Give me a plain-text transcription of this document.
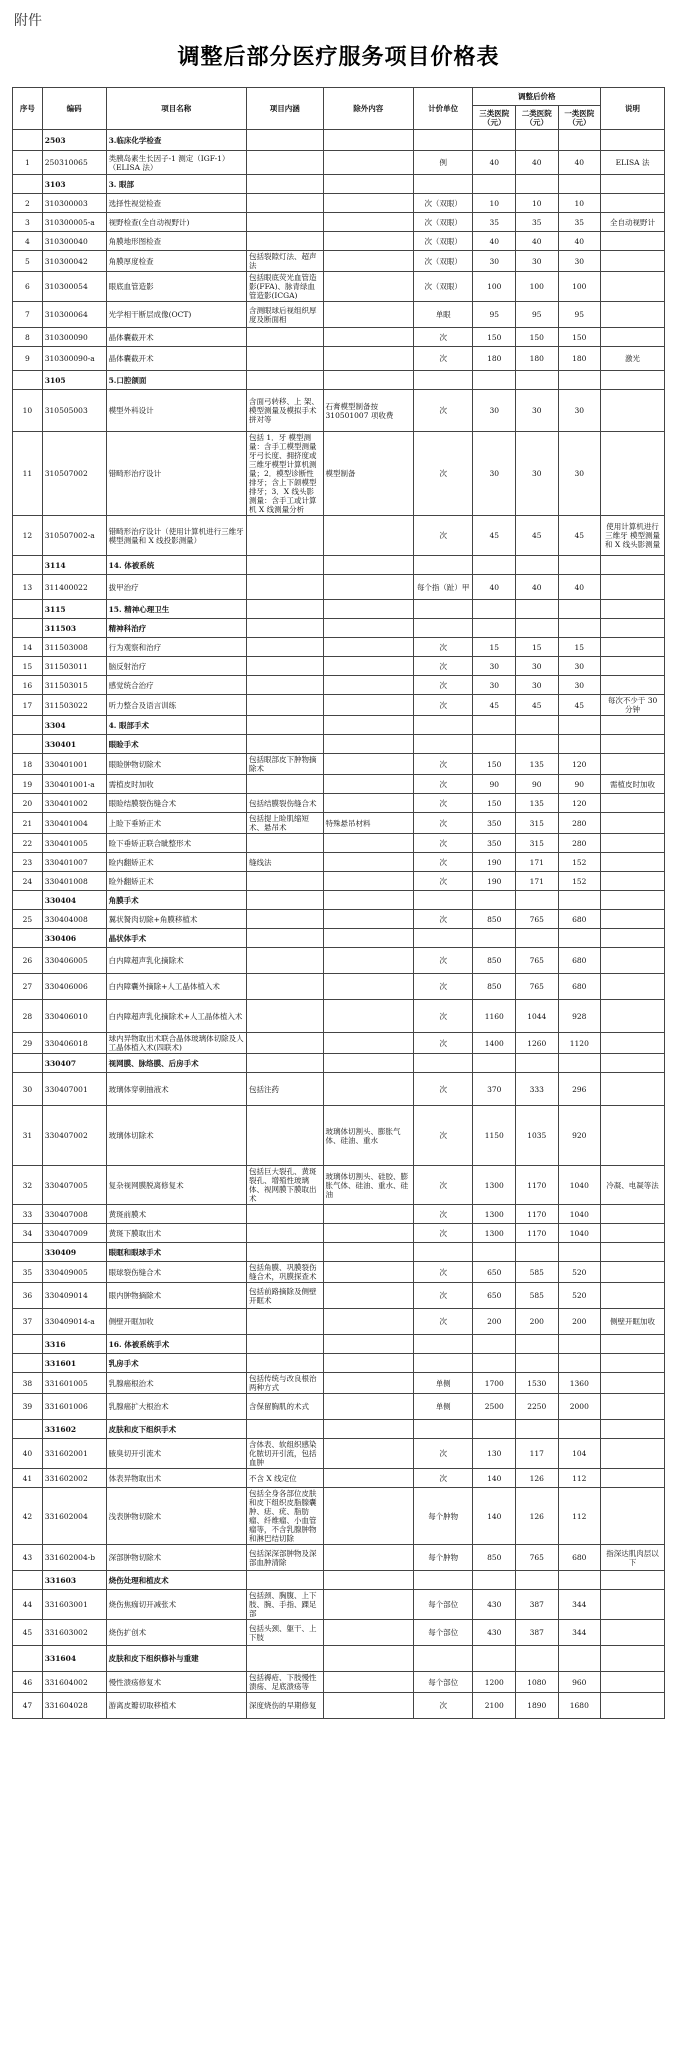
附件
调整后部分医疗服务项目价格表
序号	编码	项目名称	项目内涵	除外内容	计价单位	调整后价格			说明
						三类医院（元）	二类医院（元）	一类医院（元）	
	2503	3.临床化学检查							
1	250310065	类胰岛素生长因子-1 测定（IGF-1）（ELISA 法）			例	40	40	40	ELISA 法
	3103	3. 眼部							
2	310300003	选择性视觉检查			次（双眼）	10	10	10	
3	310300005-a	视野检查(全自动视野计)			次（双眼）	35	35	35	全自动视野计
4	310300040	角膜地形图检查			次（双眼）	40	40	40	
5	310300042	角膜厚度检查	包括裂隙灯法、超声法		次（双眼）	30	30	30	
6	310300054	眼底血管造影	包括眼底荧光血管造影(FFA)、脉青绿血管造影(ICGA)		次（双眼）	100	100	100	
7	310300064	光学相干断层成像(OCT)	含测眼球后视组织厚度及断面相		单眼	95	95	95	
8	310300090	晶体囊截开术			次	150	150	150	
9	310300090-a	晶体囊截开术			次	180	180	180	激光
	3105	5.口腔颌面							
10	310505003	模型外科设计	含面弓转移、上 架、模型测量及模拟手术拼对等	石膏模型制备按 310501007 项收费	次	30	30	30	
11	310507002	错畸形治疗设计	包括 1．牙 模型测量：含手工模型测量牙弓长度、拥挤度或三维牙模型计算机测量；2．模型诊断性排牙；含上下颌模型排牙；3．X 线头影测量：含手工或计算机 X 线测量分析	模型制备	次	30	30	30	
12	310507002-a	错畸形治疗设计（使用计算机进行三维牙模型测量和 X 线投影测量）			次	45	45	45	使用计算机进行三维牙 模型测量和 X 线头影测量
	3114	14. 体被系统							
13	311400022	拔甲治疗			每个指（趾）甲	40	40	40	
	3115	15. 精神心理卫生							
	311503	精神科治疗							
14	311503008	行为观察和治疗			次	15	15	15	
15	311503011	脑反射治疗			次	30	30	30	
16	311503015	感觉统合治疗			次	30	30	30	
17	311503022	听力整合及语言训练			次	45	45	45	每次不少于 30 分钟
	3304	4. 眼部手术							
	330401	眼睑手术							
18	330401001	眼睑肿物切除术	包括眼部皮下肿物摘除术		次	150	135	120	
19	330401001-a	需植皮时加收			次	90	90	90	需植皮时加收
20	330401002	眼睑结膜裂伤缝合术	包括结膜裂伤缝合术		次	150	135	120	
21	330401004	上睑下垂矫正术	包括提上睑肌缩短术、悬吊术	特殊悬吊材料	次	350	315	280	
22	330401005	睑下垂矫正联合眦整形术			次	350	315	280	
23	330401007	睑内翻矫正术	缝线法		次	190	171	152	
24	330401008	睑外翻矫正术			次	190	171	152	
	330404	角膜手术							
25	330404008	翼状胬肉切除+角膜移植术			次	850	765	680	
	330406	晶状体手术							
26	330406005	白内障超声乳化摘除术			次	850	765	680	
27	330406006	白内障囊外摘除+人工晶体植入术			次	850	765	680	
28	330406010	白内障超声乳化摘除术+人工晶体植入术			次	1160	1044	928	
29	330406018	球内异物取出术联合晶体玻璃体切除及人工晶体植入术(四联术)			次	1400	1260	1120	
	330407	视网膜、脉络膜、后房手术							
30	330407001	玻璃体穿刺抽液术	包括注药		次	370	333	296	
31	330407002	玻璃体切除术		玻璃体切割头、膨胀气体、硅油、重水	次	1150	1035	920	
32	330407005	复杂视网膜脱离修复术	包括巨大裂孔、黄斑裂孔、增殖性玻璃体、视网膜下膜取出术	玻璃体切割头、硅胶、膨胀气体、硅油、重水、硅油	次	1300	1170	1040	冷凝、电凝等法
33	330407008	黄斑前膜术			次	1300	1170	1040	
34	330407009	黄斑下膜取出术			次	1300	1170	1040	
	330409	眼眶和眼球手术							
35	330409005	眼球裂伤缝合术	包括角膜、巩膜裂伤缝合术，巩膜探查术		次	650	585	520	
36	330409014	眼内肿物摘除术	包括前路摘除及侧壁开眶术		次	650	585	520	
37	330409014-a	侧壁开眶加收			次	200	200	200	侧壁开眶加收
	3316	16. 体被系统手术							
	331601	乳房手术							
38	331601005	乳腺癌根治术	包括传统与改良根治两种方式		单侧	1700	1530	1360	
39	331601006	乳腺癌扩大根治术	含保留胸肌的术式		单侧	2500	2250	2000	
	331602	皮肤和皮下组织手术							
40	331602001	腋臭切开引流术	含体表、软组织感染化脓切开引流，包括血肿		次	130	117	104	
41	331602002	体表异物取出术	不含 X 线定位		次	140	126	112	
42	331602004	浅表肿物切除术	包括全身各部位皮肤和皮下组织皮脂腺囊肿、痣、疣、脂肪瘤、纤维瘤、小血管瘤等，不含乳腺肿物和淋巴结切除		每个肿物	140	126	112	
43	331602004-b	深部肿物切除术	包括深深部肿物及深部血肿清除		每个肿物	850	765	680	指深达肌肉层以下
	331603	烧伤处理和植皮术							
44	331603001	烧伤焦痂切开减张术	包括颈、胸腹、上下肢、腕、手指、踝足部		每个部位	430	387	344	
45	331603002	烧伤扩创术	包括头颈、躯干、上下肢		每个部位	430	387	344	
	331604	皮肤和皮下组织修补与重建							
46	331604002	慢性溃疡修复术	包括褥疮、下肢慢性溃疡、足底溃疡等		每个部位	1200	1080	960	
47	331604028	游离皮瓣切取移植术	深度烧伤的早期修复		次	2100	1890	1680	
